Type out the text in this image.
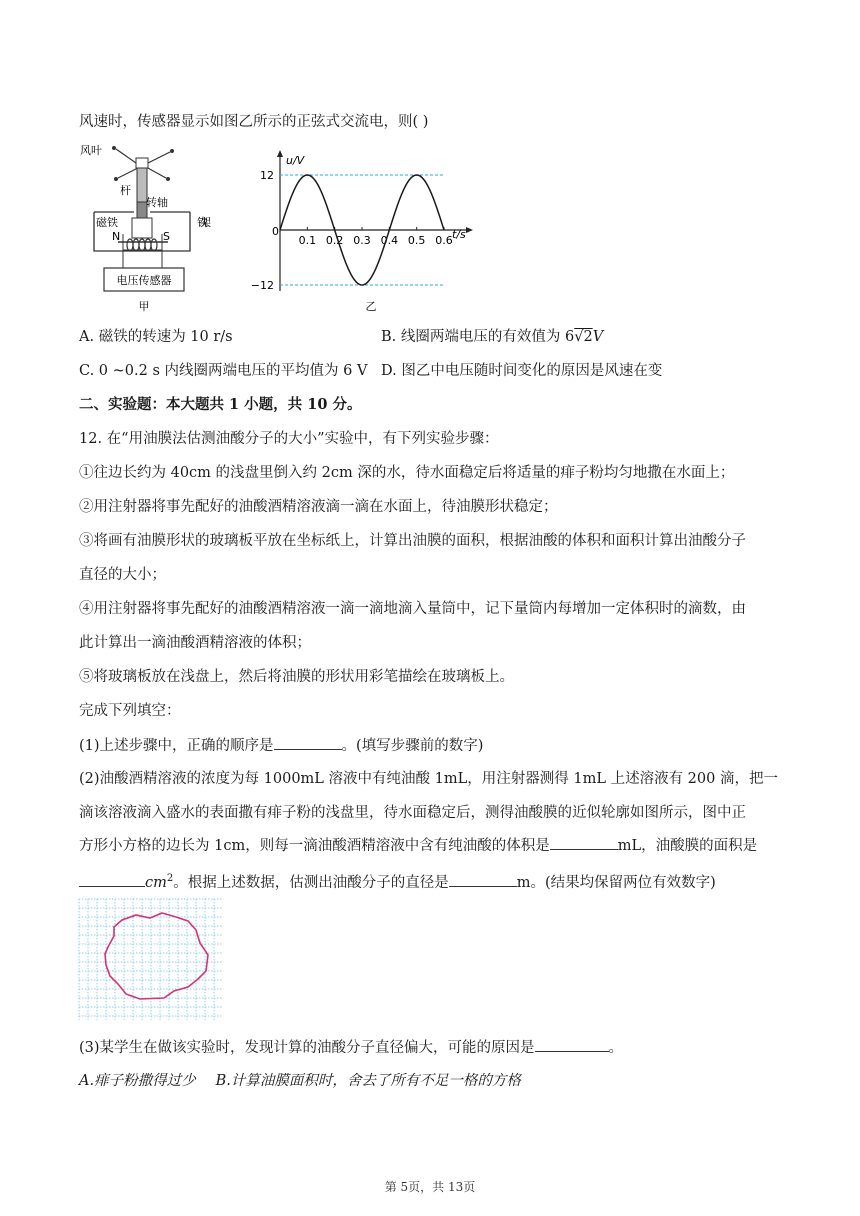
风速时，传感器显示如图乙所示的正弦式交流电，则( )
风叶
杆
转轴
磁铁
N	S
铁架
电压传感器
甲
12
−12
0.1 0.2 0.3 0.4 0.5 0.6
u/V
t/s
0
乙
A. 磁铁的转速为 10 r/s	B. 线圈两端电压的有效值为 6√2V
C. 0 ~0.2 s 内线圈两端电压的平均值为 6 V D. 图乙中电压随时间变化的原因是风速在变
二、实验题：本大题共 1 小题，共 10 分。
12. 在“用油膜法估测油酸分子的大小”实验中，有下列实验步骤：
①往边长约为 40cm 的浅盘里倒入约 2cm 深的水，待水面稳定后将适量的痱子粉均匀地撒在水面上；
②用注射器将事先配好的油酸酒精溶液滴一滴在水面上，待油膜形状稳定；
③将画有油膜形状的玻璃板平放在坐标纸上，计算出油膜的面积，根据油酸的体积和面积计算出油酸分子
直径的大小；
④用注射器将事先配好的油酸酒精溶液一滴一滴地滴入量筒中，记下量筒内每增加一定体积时的滴数，由
此计算出一滴油酸酒精溶液的体积；
⑤将玻璃板放在浅盘上，然后将油膜的形状用彩笔描绘在玻璃板上。
完成下列填空：
(1)上述步骤中，正确的顺序是	。(填写步骤前的数字)
(2)油酸酒精溶液的浓度为每 1000mL 溶液中有纯油酸 1mL，用注射器测得 1mL 上述溶液有 200 滴，把一
滴该溶液滴入盛水的表面撒有痱子粉的浅盘里，待水面稳定后，测得油酸膜的近似轮廓如图所示，图中正
方形小方格的边长为 1cm，则每一滴油酸酒精溶液中含有纯油酸的体积是	mL，油酸膜的面积是
$cm^2$。根据上述数据，估测出油酸分子的直径是	m。(结果均保留两位有效数字)
(3)某学生在做该实验时，发现计算的油酸分子直径偏大，可能的原因是	。
A.痱子粉撒得过少 B.计算油膜面积时，舍去了所有不足一格的方格
第 5页，共 13页
